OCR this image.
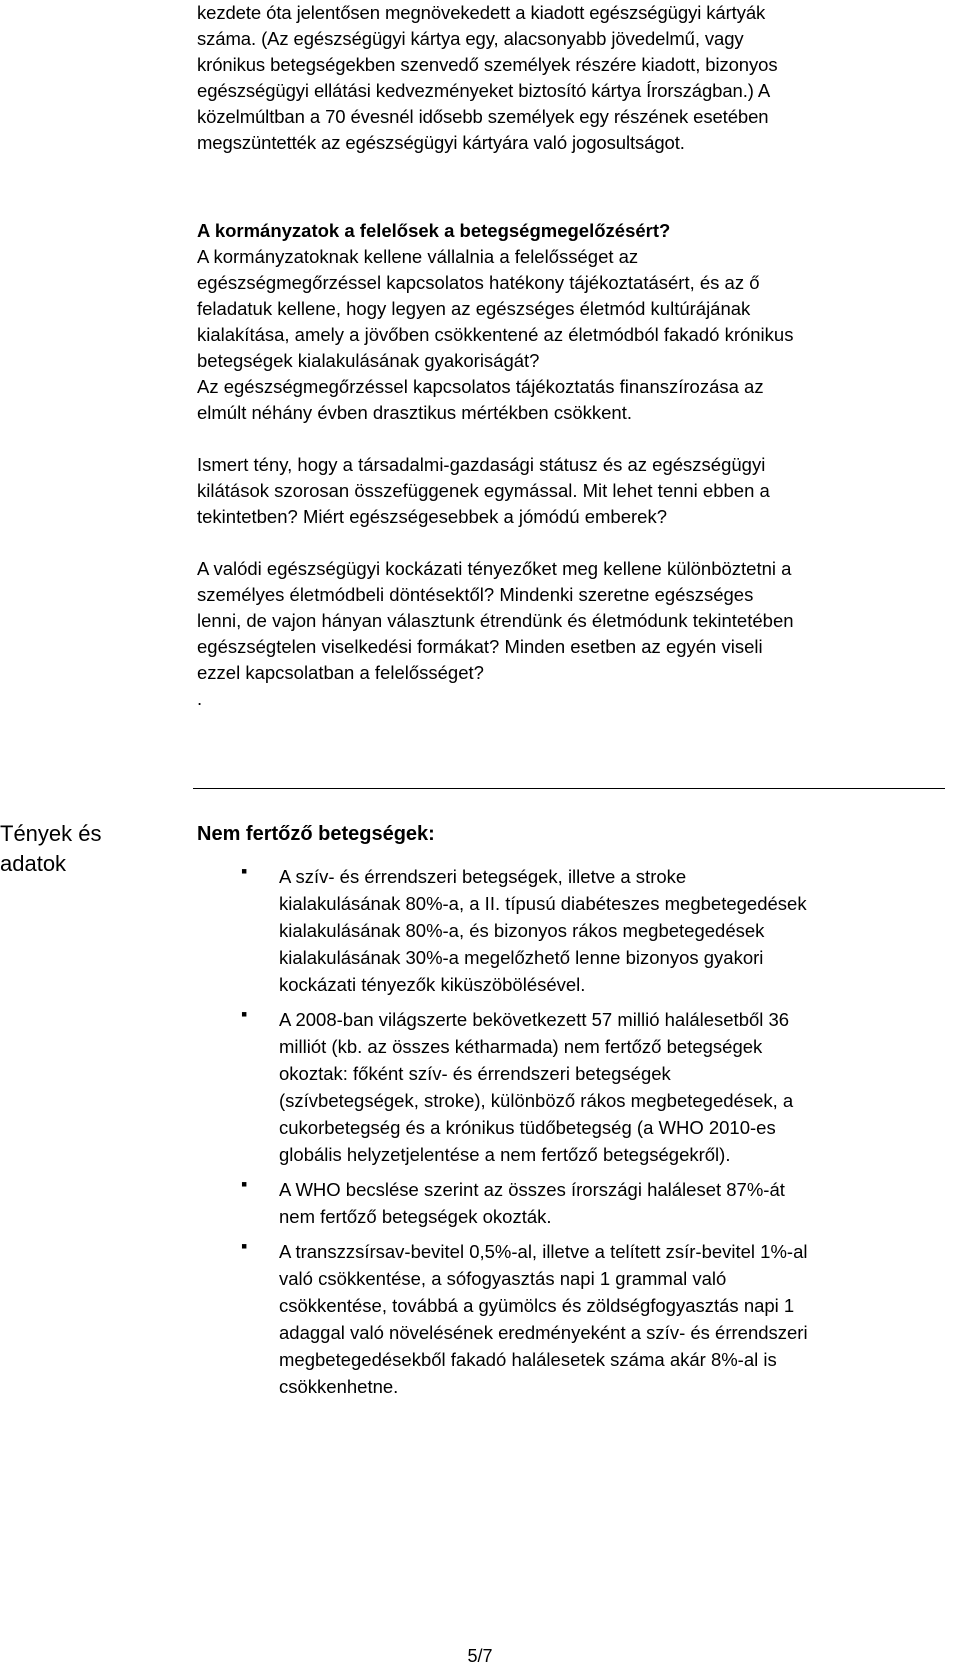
kezdete óta jelentősen megnövekedett a kiadott egészségügyi kártyák
száma. (Az egészségügyi kártya egy, alacsonyabb jövedelmű, vagy
krónikus betegségekben szenvedő személyek részére kiadott, bizonyos
egészségügyi ellátási kedvezményeket biztosító kártya Írországban.) A
közelmúltban a 70 évesnél idősebb személyek egy részének esetében
megszüntették az egészségügyi kártyára való jogosultságot.

A kormányzatok a felelősek a betegségmegelőzésért?

A kormányzatoknak kellene vállalnia a felelősséget az
egészségmegőrzéssel kapcsolatos hatékony tájékoztatásért, és az ő
feladatuk kellene, hogy legyen az egészséges életmód kultúrájának
kialakítása, amely a jövőben csökkentené az életmódból fakadó krónikus
betegségek kialakulásának gyakoriságát?
Az egészségmegőrzéssel kapcsolatos tájékoztatás finanszírozása az
elmúlt néhány évben drasztikus mértékben csökkent.

Ismert tény, hogy a társadalmi-gazdasági státusz és az egészségügyi
kilátások szorosan összefüggenek egymással. Mit lehet tenni ebben a
tekintetben? Miért egészségesebbek a jómódú emberek?

A valódi egészségügyi kockázati tényezőket meg kellene különböztetni a
személyes életmódbeli döntésektől? Mindenki szeretne egészséges
lenni, de vajon hányan választunk étrendünk és életmódunk tekintetében
egészségtelen viselkedési formákat? Minden esetben az egyén viseli
ezzel kapcsolatban a felelősséget?
.

Tények és
adatok

Nem fertőző betegségek:

▪ A szív- és érrendszeri betegségek, illetve a stroke
kialakulásának 80%-a, a II. típusú diabéteszes megbetegedések
kialakulásának 80%-a, és bizonyos rákos megbetegedések
kialakulásának 30%-a megelőzhető lenne bizonyos gyakori
kockázati tényezők kiküszöbölésével.
▪ A 2008-ban világszerte bekövetkezett 57 millió halálesetből 36
milliót (kb. az összes kétharmada) nem fertőző betegségek
okoztak: főként szív- és érrendszeri betegségek
(szívbetegségek, stroke), különböző rákos megbetegedések, a
cukorbetegség és a krónikus tüdőbetegség (a WHO 2010-es
globális helyzetjelentése a nem fertőző betegségekről).
▪ A WHO becslése szerint az összes írországi haláleset 87%-át
nem fertőző betegségek okozták.
▪ A transzzsírsav-bevitel 0,5%-al, illetve a telített zsír-bevitel 1%-al
való csökkentése, a sófogyasztás napi 1 grammal való
csökkentése, továbbá a gyümölcs és zöldségfogyasztás napi 1
adaggal való növelésének eredményeként a szív- és érrendszeri
megbetegedésekből fakadó halálesetek száma akár 8%-al is
csökkenhetne.
5/7
